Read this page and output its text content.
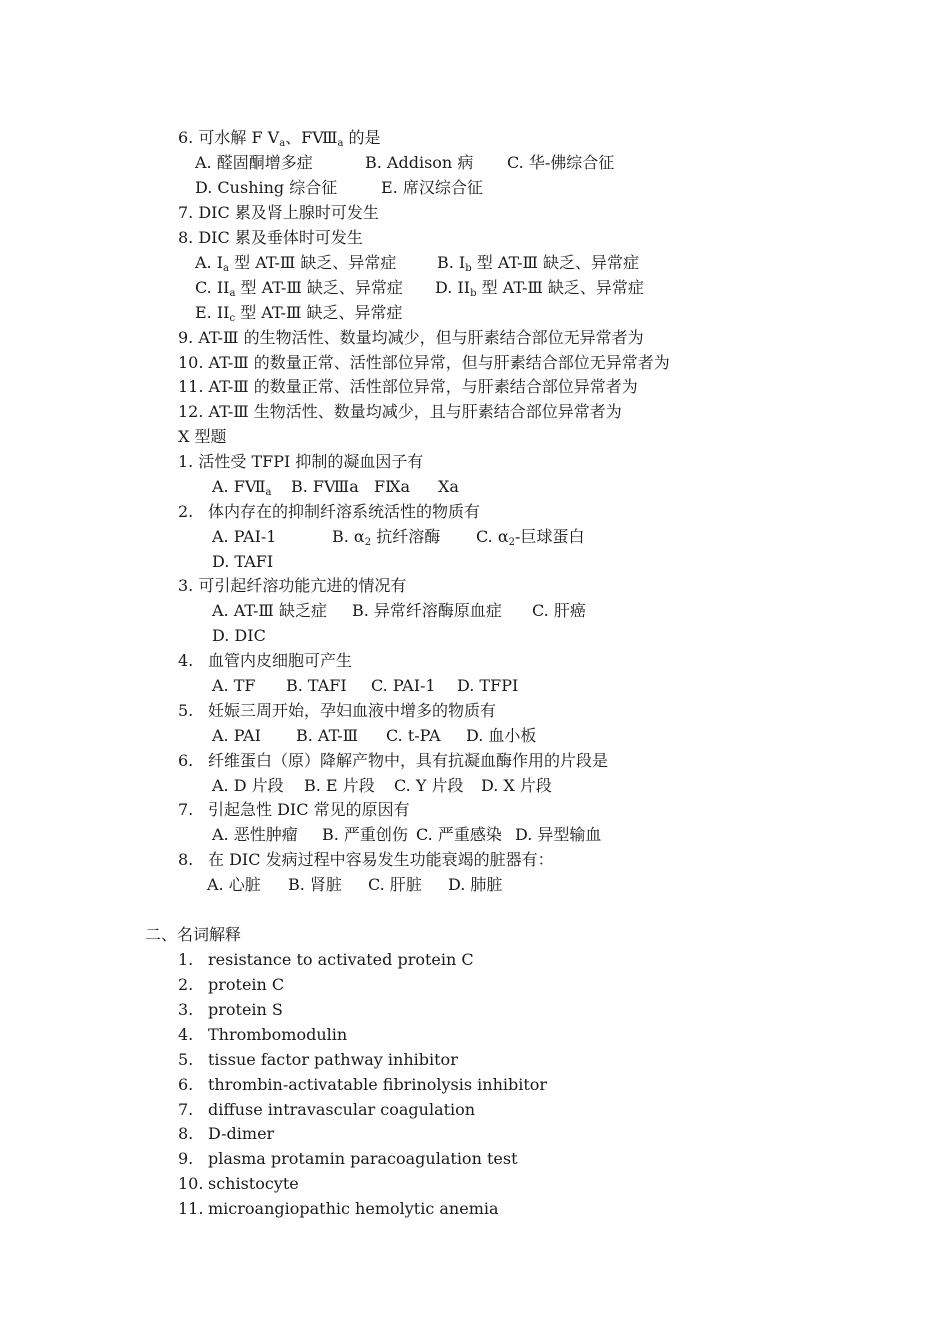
6. 可水解 F $Ⅴ_a$、$FⅧ_a$ 的是
A. 醛固酮增多症	B. Addison 病 C. 华-佛综合征
D. Cushing 综合征	E. 席汉综合征
7. DIC 累及肾上腺时可发生
8. DIC 累及垂体时可发生
A. $I_a$ 型 AT-Ⅲ 缺乏、异常症	B. $I_b$ 型 AT-Ⅲ 缺乏、异常症
C. $II_a$ 型 AT-Ⅲ 缺乏、异常症 D. $II_b$ 型 AT-Ⅲ 缺乏、异常症
E. $II_c$ 型 AT-Ⅲ 缺乏、异常症
9. AT-Ⅲ 的生物活性、数量均减少，但与肝素结合部位无异常者为
10. AT-Ⅲ 的数量正常、活性部位异常，但与肝素结合部位无异常者为
11. AT-Ⅲ 的数量正常、活性部位异常，与肝素结合部位异常者为
12. AT-Ⅲ 生物活性、数量均减少，且与肝素结合部位异常者为
X 型题
1. 活性受 TFPI 抑制的凝血因子有
A. $FⅦ_a$ B. FⅧa FⅨa Ⅹa
2. 体内存在的抑制纤溶系统活性的物质有
A. PAI-1	B. $\alpha_2$ 抗纤溶酶 C. $\alpha_2-$巨球蛋白
D. TAFI
3. 可引起纤溶功能亢进的情况有
A. AT-Ⅲ 缺乏症 B. 异常纤溶酶原血症 C. 肝癌
D. DIC
4. 血管内皮细胞可产生
A. TF B. TAFI C. PAI-1 D. TFPI
5. 妊娠三周开始，孕妇血液中增多的物质有
A. PAI B. AT-Ⅲ C. t-PA D. 血小板
6. 纤维蛋白（原）降解产物中，具有抗凝血酶作用的片段是
A. D 片段 B. E 片段 C. Y 片段 D. X 片段
7. 引起急性 DIC 常见的原因有
A. 恶性肿瘤 B. 严重创伤 C. 严重感染 D. 异型输血
8. 在 DIC 发病过程中容易发生功能衰竭的脏器有：
A. 心脏 B. 肾脏 C. 肝脏 D. 肺脏
二、名词解释
1. resistance to activated protein C
2. protein C
3. protein S
4. Thrombomodulin
5. tissue factor pathway inhibitor
6. thrombin-activatable fibrinolysis inhibitor
7. diffuse intravascular coagulation
8. D-dimer
9. plasma protamin paracoagulation test
10. schistocyte
11. microangiopathic hemolytic anemia
